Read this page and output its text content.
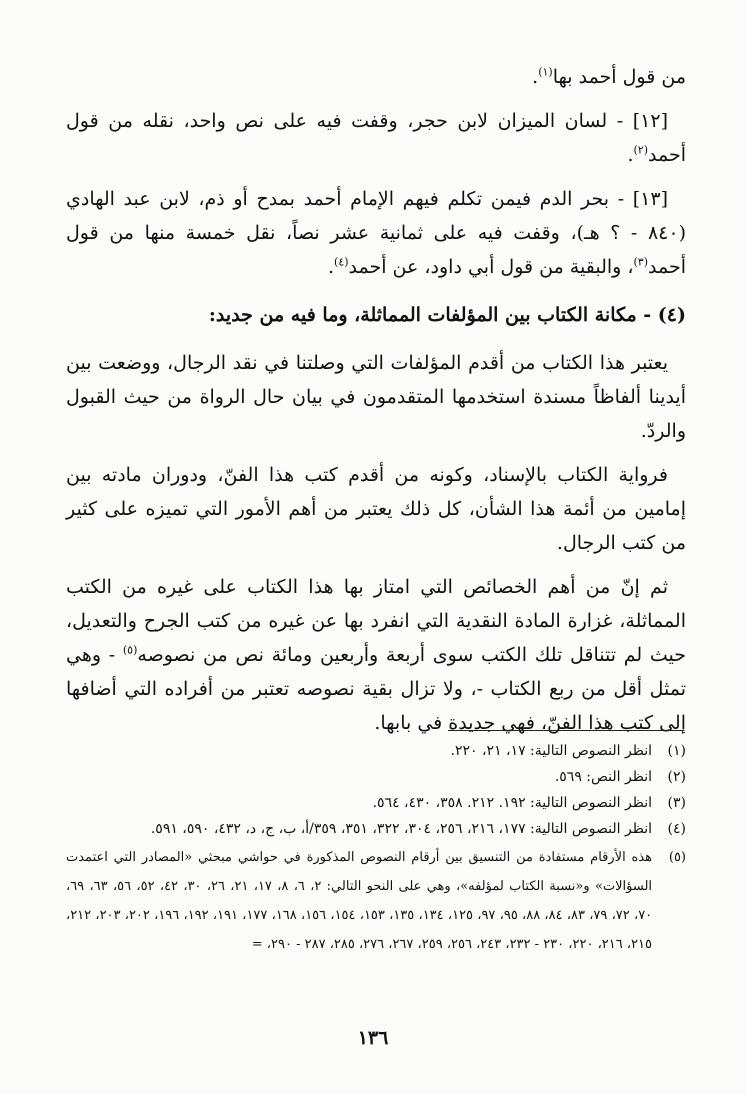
من قول أحمد بها$^{(١)}$.

[١٢] - لسان الميزان لابن حجر، وقفت فيه على نص واحد، نقله من قول أحمد$^{(٢)}$.

[١٣] - بحر الدم فيمن تكلم فيهم الإمام أحمد بمدح أو ذم، لابن عبد الهادي (٨٤٠ - ؟ هـ)، وقفت فيه على ثمانية عشر نصاً، نقل خمسة منها من قول أحمد$^{(٣)}$، والبقية من قول أبي داود، عن أحمد$^{(٤)}$.

(٤) - مكانة الكتاب بين المؤلفات المماثلة، وما فيه من جديد:

يعتبر هذا الكتاب من أقدم المؤلفات التي وصلتنا في نقد الرجال، ووضعت بين أيدينا ألفاظاً مسندة استخدمها المتقدمون في بيان حال الرواة من حيث القبول والردّ.

فرواية الكتاب بالإسناد، وكونه من أقدم كتب هذا الفنّ، ودوران مادته بين إمامين من أئمة هذا الشأن، كل ذلك يعتبر من أهم الأمور التي تميزه على كثير من كتب الرجال.

ثم إنّ من أهم الخصائص التي امتاز بها هذا الكتاب على غيره من الكتب المماثلة، غزارة المادة النقدية التي انفرد بها عن غيره من كتب الجرح والتعديل، حيث لم تتناقل تلك الكتب سوى أربعة وأربعين ومائة نص من نصوصه$^{(٥)}$ - وهي تمثل أقل من ربع الكتاب -، ولا تزال بقية نصوصه تعتبر من أفراده التي أضافها إلى كتب هذا الفنّ، فهي جديدة في بابها.

(١)
انظر النصوص التالية: ١٧، ٢١، ٢٢٠.
(٢)
انظر النص: ٥٦٩.
(٣)
انظر النصوص التالية: ١٩٢. ٢١٢. ٣٥٨، ٤٣٠، ٥٦٤.
(٤)
انظر النصوص التالية: ١٧٧، ٢١٦، ٢٥٦، ٣٠٤، ٣٢٢، ٣٥١، ٣٥٩/أ، ب، ج، د، ٤٣٢، ٥٩٠، ٥٩١.
(٥)
هذه الأرقام مستفادة من التنسيق بين أرقام النصوص المذكورة في حواشي مبحثي «المصادر التي اعتمدت السؤالات» و«نسبة الكتاب لمؤلفه»، وهي على النحو التالي: ٢، ٦، ٨، ١٧، ٢١، ٢٦، ٣٠، ٤٢، ٥٢، ٥٦، ٦٣، ٦٩، ٧٠، ٧٢، ٧٩، ٨٣، ٨٤، ٨٨، ٩٥، ٩٧، ١٢٥، ١٣٤، ١٣٥، ١٥٣، ١٥٤، ١٥٦، ١٦٨، ١٧٧، ١٩١، ١٩٢، ١٩٦، ٢٠٢، ٢٠٣، ٢١٢، ٢١٥، ٢١٦، ٢٢٠، ٢٣٠ - ٢٣٢، ٢٤٣، ٢٥٦، ٢٥٩، ٢٦٧، ٢٧٦، ٢٨٥، ٢٨٧ - ٢٩٠، =
١٣٦
